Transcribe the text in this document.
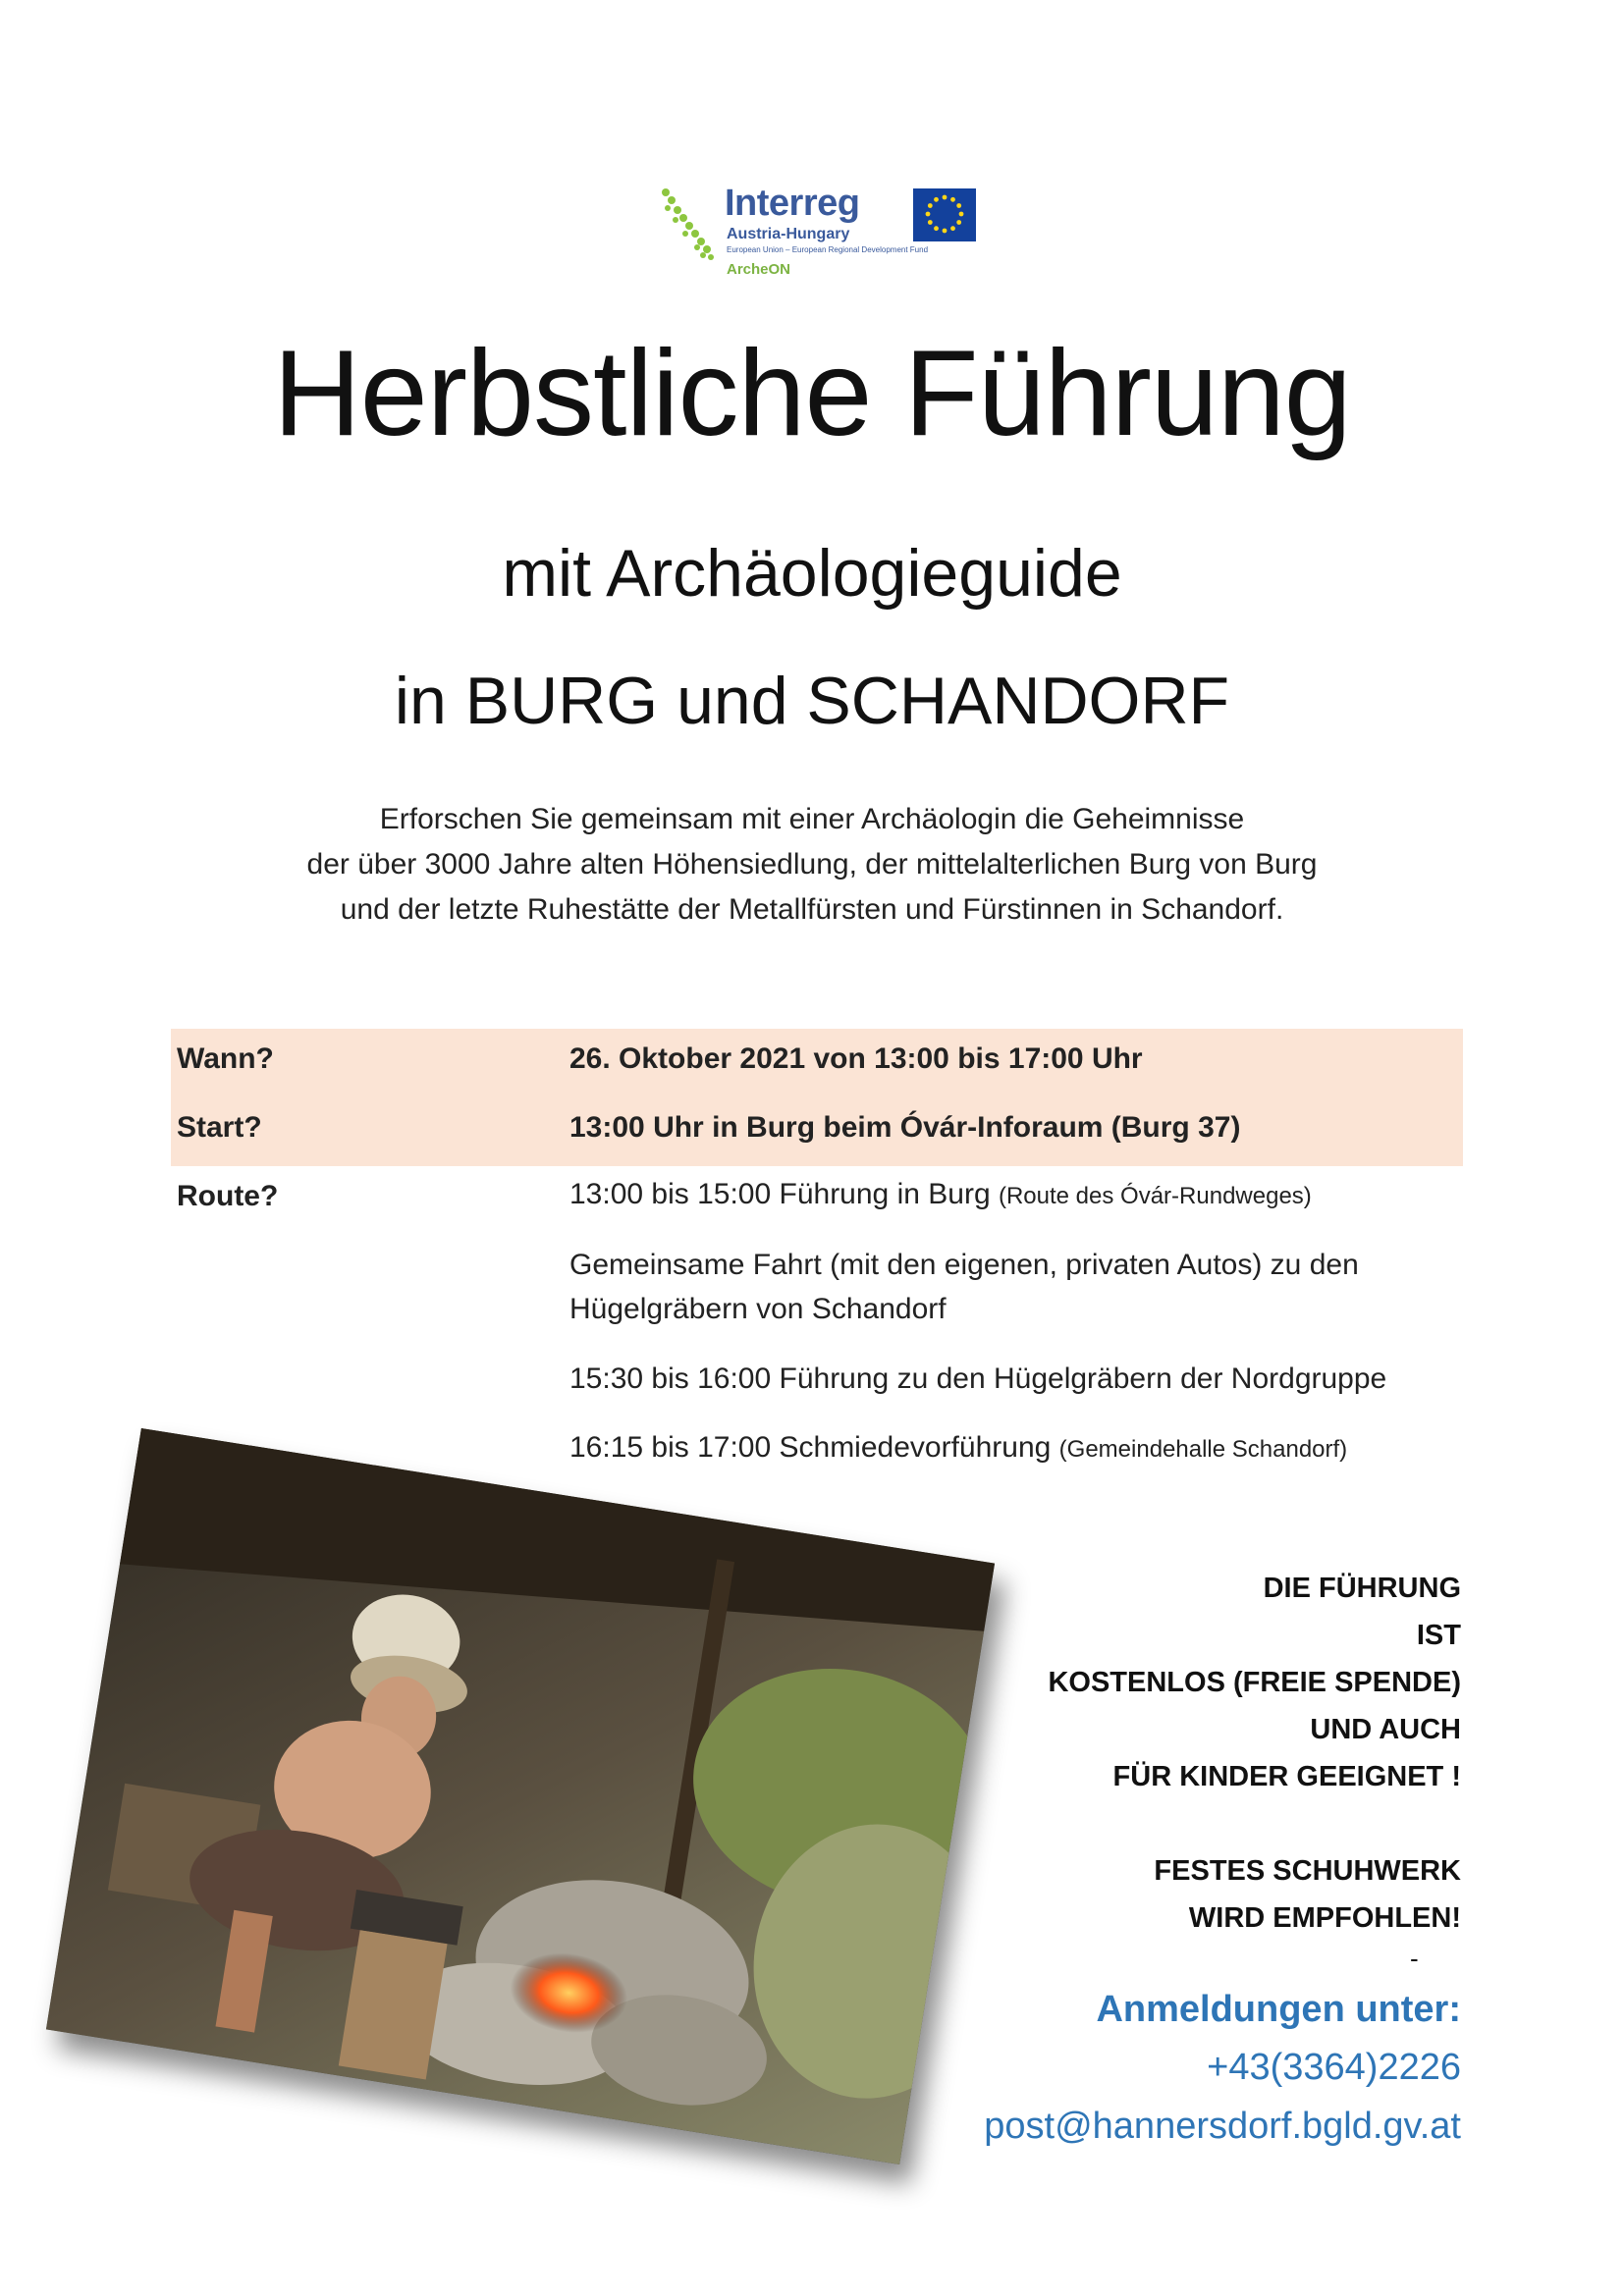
Interreg
Austria-Hungary
European Union – European Regional Development Fund
ArcheON
Herbstliche Führung
mit Archäologieguide
in BURG und SCHANDORF

Erforschen Sie gemeinsam mit einer Archäologin die Geheimnisse

der über 3000 Jahre alten Höhensiedlung, der mittelalterlichen Burg von Burg

und der letzte Ruhestätte der Metallfürsten und Fürstinnen in Schandorf.

Wann?	26. Oktober 2021 von 13:00 bis 17:00 Uhr
Start?	13:00 Uhr in Burg beim Óvár-Inforaum (Burg 37)
Route?	13:00 bis 15:00 Führung in Burg (Route des Óvár-Rundweges)
Gemeinsame Fahrt (mit den eigenen, privaten Autos) zu den Hügelgräbern von Schandorf
15:30 bis 16:00 Führung zu den Hügelgräbern der Nordgruppe
16:15 bis 17:00 Schmiedevorführung (Gemeindehalle Schandorf)
DIE FÜHRUNG
IST
KOSTENLOS (FREIE SPENDE)
UND AUCH
FÜR KINDER GEEIGNET !
FESTES SCHUHWERK
WIRD EMPFOHLEN!
-
Anmeldungen unter:
+43(3364)2226
post@hannersdorf.bgld.gv.at
